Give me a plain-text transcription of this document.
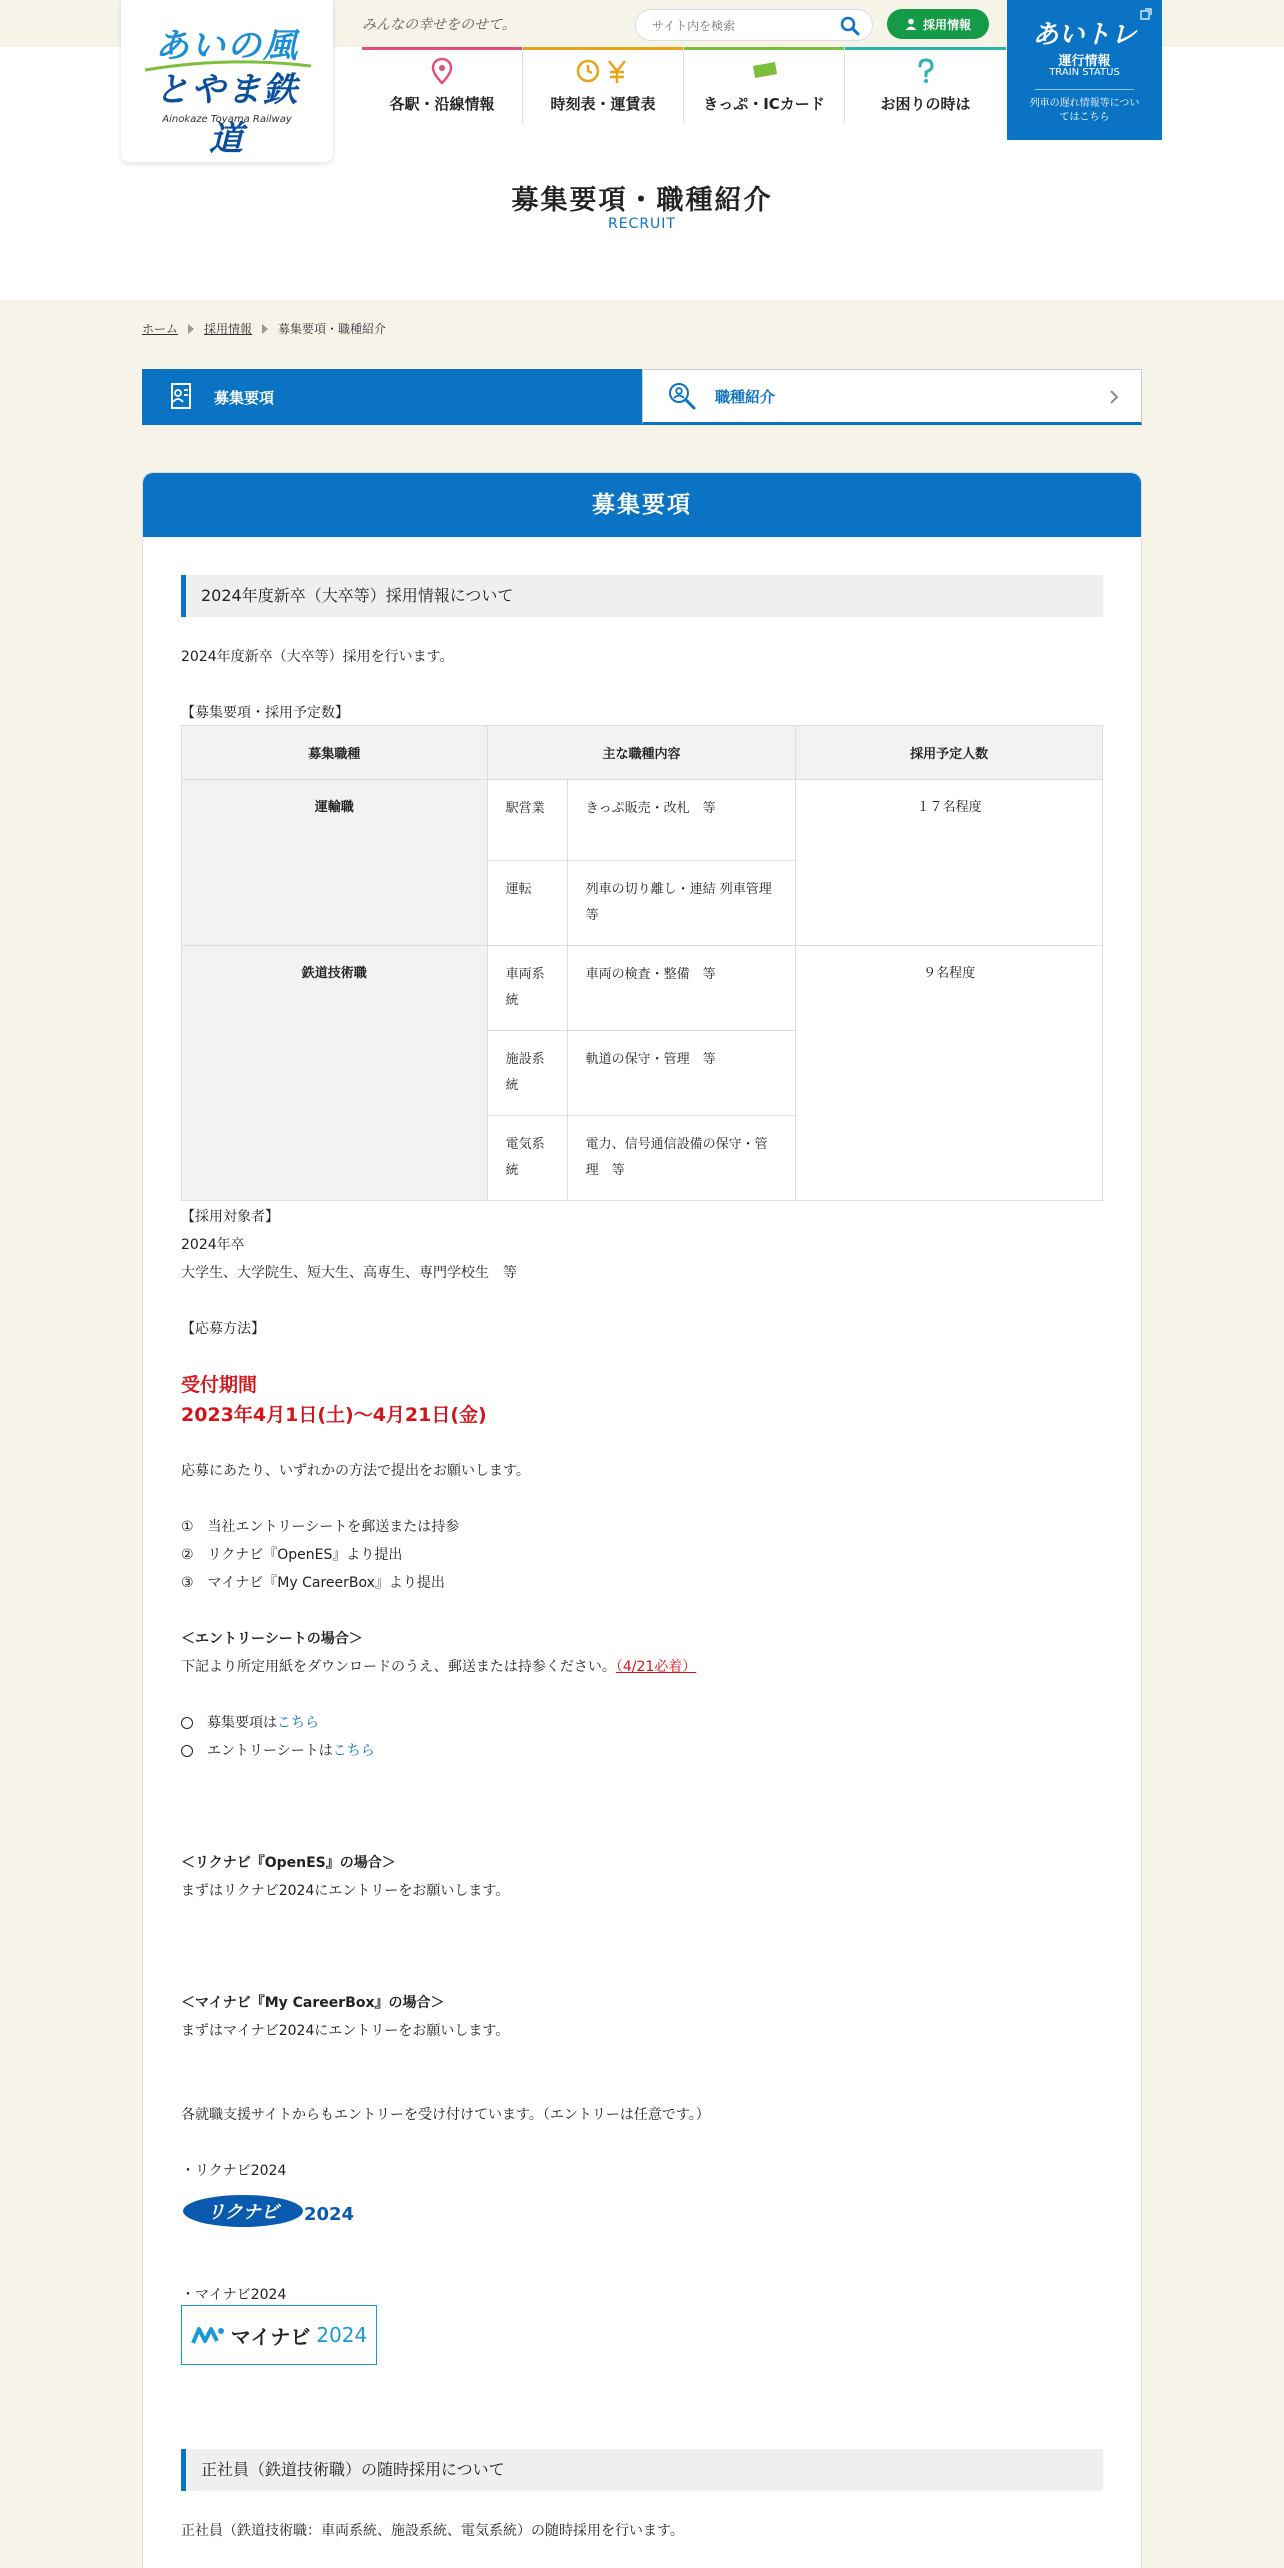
あいの風
とやま鉄道
Ainokaze Toyama Railway
みんなの幸せをのせて。
サイト内を検索	採用情報
各駅・沿線情報	時刻表・運賃表	きっぷ・ICカード	お困りの時は
あいトレ
運行情報
TRAIN STATUS
列車の遅れ情報等についてはこちら
募集要項・職種紹介
RECRUIT
ホーム 採用情報 募集要項・職種紹介
募集要項	職種紹介
募集要項
2024年度新卒（大卒等）採用情報について
2024年度新卒（大卒等）採用を行います。
【募集要項・採用予定数】
募集職種	主な職種内容		採用予定人数
運輸職	駅営業	きっぷ販売・改札　等	１７名程度
	運転	列車の切り離し・連結 列車管理　等	
鉄道技術職	車両系統	車両の検査・整備　等	９名程度
	施設系統	軌道の保守・管理　等	
	電気系統	電力、信号通信設備の保守・管理　等	
【採用対象者】
2024年卒
大学生、大学院生、短大生、高専生、専門学校生　等
【応募方法】
受付期間
2023年4月1日(土)～4月21日(金)
応募にあたり、いずれかの方法で提出をお願いします。
①　当社エントリーシートを郵送または持参
②　リクナビ『OpenES』より提出
③　マイナビ『My CareerBox』より提出
＜エントリーシートの場合＞
下記より所定用紙をダウンロードのうえ、郵送または持参ください。（4/21必着）
募集要項はこちら
エントリーシートはこちら
＜リクナビ『OpenES』の場合＞
まずはリクナビ2024にエントリーをお願いします。
＜マイナビ『My CareerBox』の場合＞
まずはマイナビ2024にエントリーをお願いします。
各就職支援サイトからもエントリーを受け付けています。（エントリーは任意です。）
・リクナビ2024
リクナビ 2024
・マイナビ2024
マイナビ 2024
正社員（鉄道技術職）の随時採用について
正社員（鉄道技術職：車両系統、施設系統、電気系統）の随時採用を行います。
